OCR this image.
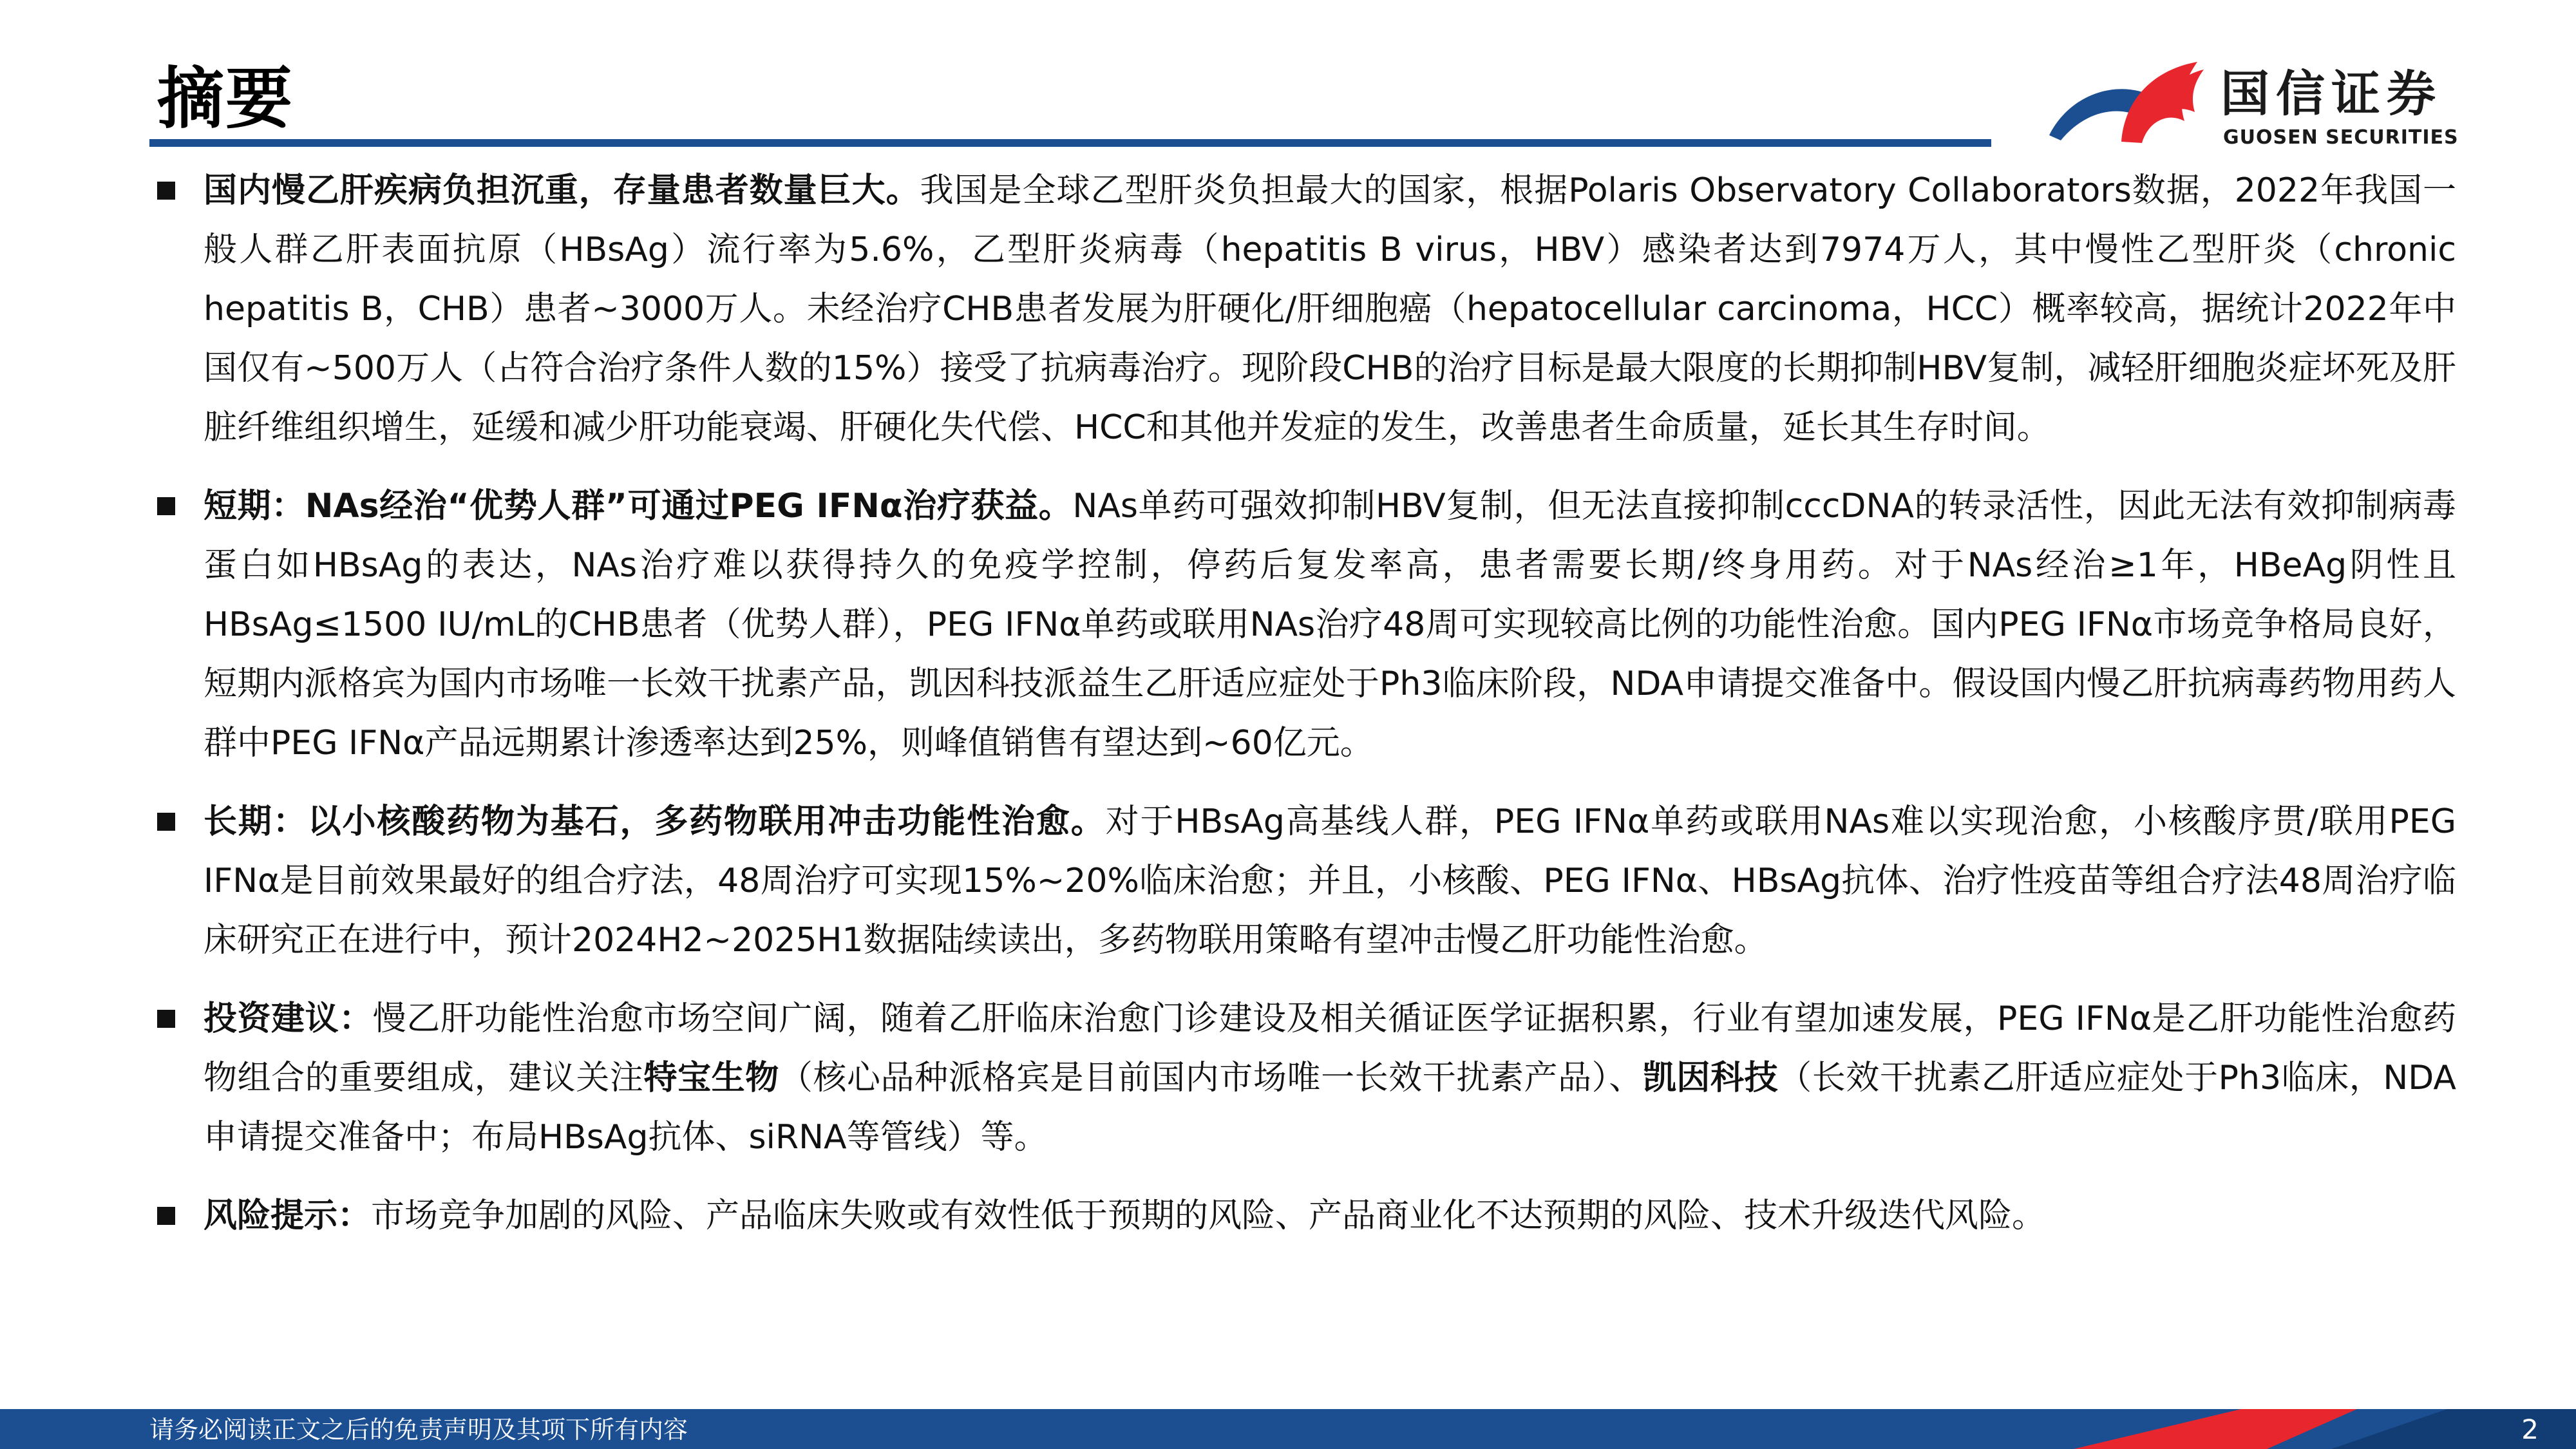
摘要	国信证券
GUOSEN SECURITIES
国内慢乙肝疾病负担沉重，存量患者数量巨大。我国是全球乙型肝炎负担最大的国家，根据Polaris Observatory Collaborators数据，2022年我国一般人群乙肝表面抗原（HBsAg）流行率为5.6%，乙型肝炎病毒（hepatitis B virus，HBV）感染者达到7974万人，其中慢性乙型肝炎（chronic hepatitis B，CHB）患者~3000万人。未经治疗CHB患者发展为肝硬化/肝细胞癌（hepatocellular carcinoma，HCC）概率较高，据统计2022年中国仅有~500万人（占符合治疗条件人数的15%）接受了抗病毒治疗。现阶段CHB的治疗目标是最大限度的长期抑制HBV复制，减轻肝细胞炎症坏死及肝脏纤维组织增生，延缓和减少肝功能衰竭、肝硬化失代偿、HCC和其他并发症的发生，改善患者生命质量，延长其生存时间。
短期：NAs经治“优势人群”可通过PEG IFNα治疗获益。NAs单药可强效抑制HBV复制，但无法直接抑制cccDNA的转录活性，因此无法有效抑制病毒蛋白如HBsAg的表达，NAs治疗难以获得持久的免疫学控制，停药后复发率高，患者需要长期/终身用药。对于NAs经治≥1年，HBeAg阴性且HBsAg≤1500 IU/mL的CHB患者（优势人群），PEG IFNα单药或联用NAs治疗48周可实现较高比例的功能性治愈。国内PEG IFNα市场竞争格局良好，短期内派格宾为国内市场唯一长效干扰素产品，凯因科技派益生乙肝适应症处于Ph3临床阶段，NDA申请提交准备中。假设国内慢乙肝抗病毒药物用药人群中PEG IFNα产品远期累计渗透率达到25%，则峰值销售有望达到~60亿元。
长期：以小核酸药物为基石，多药物联用冲击功能性治愈。对于HBsAg高基线人群，PEG IFNα单药或联用NAs难以实现治愈，小核酸序贯/联用PEG IFNα是目前效果最好的组合疗法，48周治疗可实现15%~20%临床治愈；并且，小核酸、PEG IFNα、HBsAg抗体、治疗性疫苗等组合疗法48周治疗临床研究正在进行中，预计2024H2~2025H1数据陆续读出，多药物联用策略有望冲击慢乙肝功能性治愈。
投资建议：慢乙肝功能性治愈市场空间广阔，随着乙肝临床治愈门诊建设及相关循证医学证据积累，行业有望加速发展，PEG IFNα是乙肝功能性治愈药物组合的重要组成，建议关注特宝生物（核心品种派格宾是目前国内市场唯一长效干扰素产品）、凯因科技（长效干扰素乙肝适应症处于Ph3临床，NDA申请提交准备中；布局HBsAg抗体、siRNA等管线）等。
风险提示：市场竞争加剧的风险、产品临床失败或有效性低于预期的风险、产品商业化不达预期的风险、技术升级迭代风险。
请务必阅读正文之后的免责声明及其项下所有内容	2
